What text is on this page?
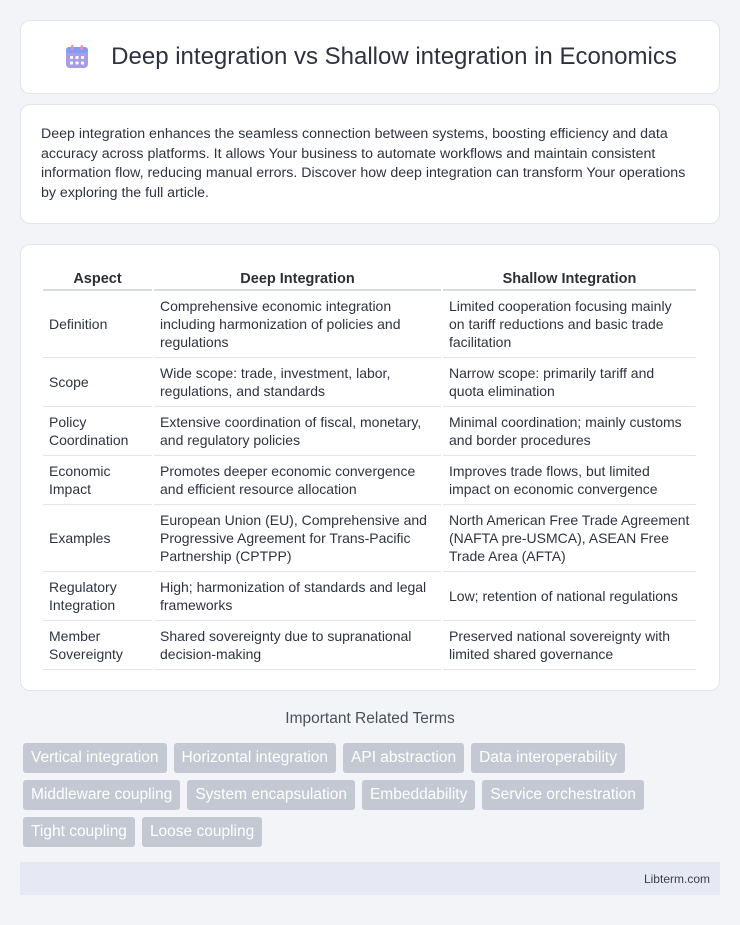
Deep integration vs Shallow integration in Economics

Deep integration enhances the seamless connection between systems, boosting efficiency and data accuracy across platforms. It allows Your business to automate workflows and maintain consistent information flow, reducing manual errors. Discover how deep integration can transform Your operations by exploring the full article.

Aspect	Deep Integration	Shallow Integration
Definition	Comprehensive economic integration including harmonization of policies and regulations	Limited cooperation focusing mainly on tariff reductions and basic trade facilitation
Scope	Wide scope: trade, investment, labor, regulations, and standards	Narrow scope: primarily tariff and quota elimination
Policy Coordination	Extensive coordination of fiscal, monetary, and regulatory policies	Minimal coordination; mainly customs and border procedures
Economic Impact	Promotes deeper economic convergence and efficient resource allocation	Improves trade flows, but limited impact on economic convergence
Examples	European Union (EU), Comprehensive and Progressive Agreement for Trans-Pacific Partnership (CPTPP)	North American Free Trade Agreement (NAFTA pre-USMCA), ASEAN Free Trade Area (AFTA)
Regulatory Integration	High; harmonization of standards and legal frameworks	Low; retention of national regulations
Member Sovereignty	Shared sovereignty due to supranational decision-making	Preserved national sovereignty with limited shared governance
Important Related Terms
Vertical integration	Horizontal integration	API abstraction	Data interoperability
Middleware coupling	System encapsulation	Embeddability	Service orchestration
Tight coupling	Loose coupling
Libterm.com
